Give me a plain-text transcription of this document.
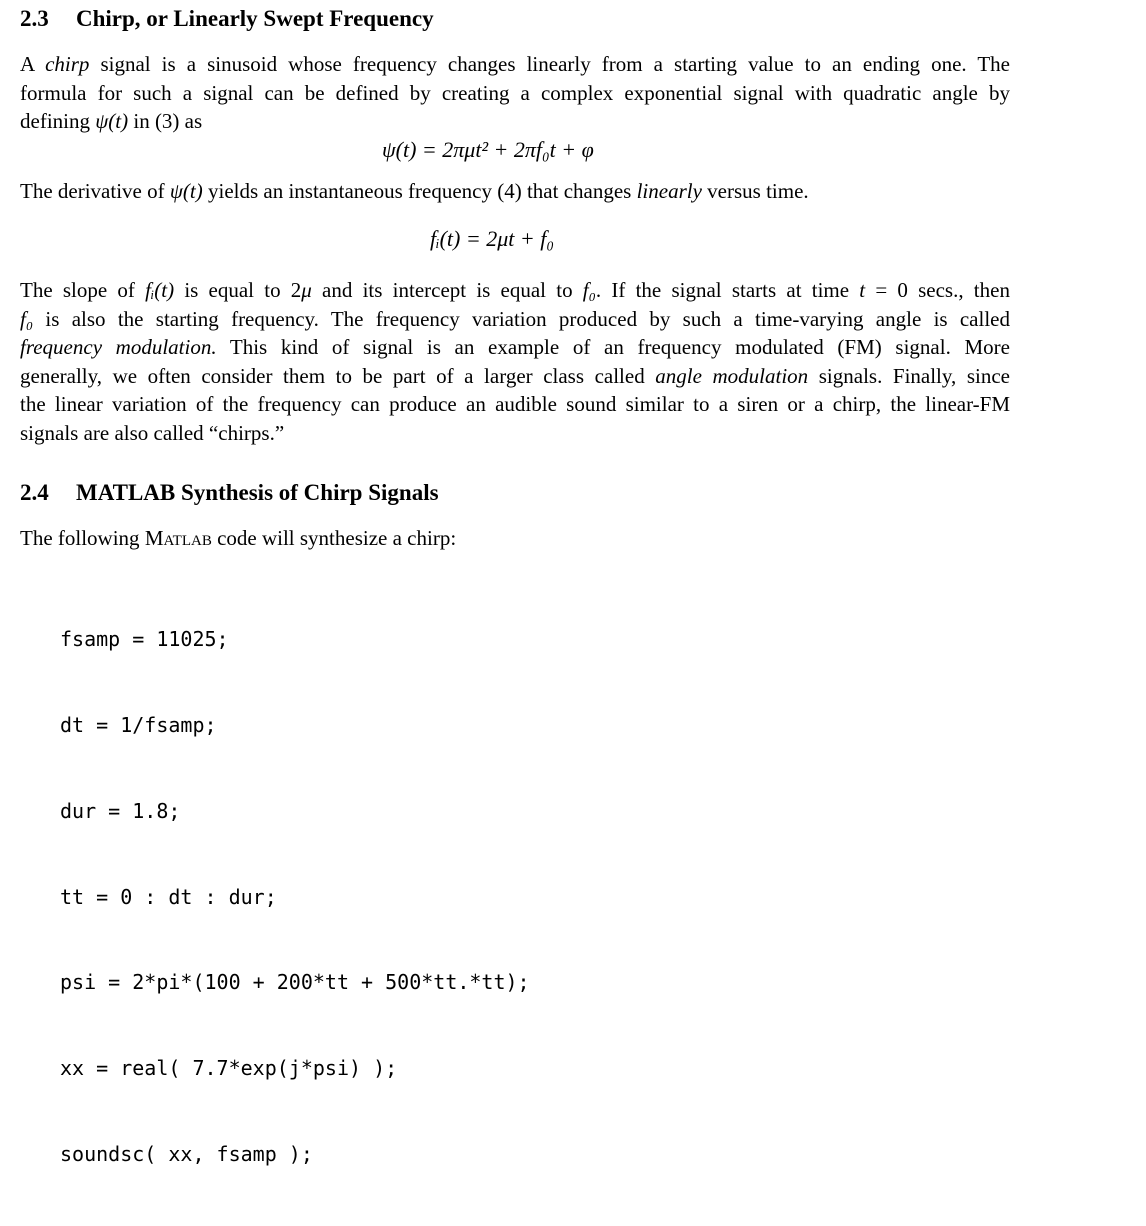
2.3 Chirp, or Linearly Swept Frequency
A chirp signal is a sinusoid whose frequency changes linearly from a starting value to an ending one. The
formula for such a signal can be defined by creating a complex exponential signal with quadratic angle by
defining ψ(t) in (3) as
ψ(t) = 2πμt² + 2πf₀t + φ
The derivative of ψ(t) yields an instantaneous frequency (4) that changes linearly versus time.
fᵢ(t) = 2μt + f₀
The slope of fᵢ(t) is equal to 2μ and its intercept is equal to f₀. If the signal starts at time t = 0 secs., then
f₀ is also the starting frequency. The frequency variation produced by such a time-varying angle is called
frequency modulation. This kind of signal is an example of an frequency modulated (FM) signal. More
generally, we often consider them to be part of a larger class called angle modulation signals. Finally, since
the linear variation of the frequency can produce an audible sound similar to a siren or a chirp, the linear-FM
signals are also called “chirps.”
2.4 MATLAB Synthesis of Chirp Signals
The following Matlab code will synthesize a chirp:

fsamp = 11025;

dt = 1/fsamp;

dur = 1.8;

tt = 0 : dt : dur;

psi = 2*pi*(100 + 200*tt + 500*tt.*tt);

xx = real( 7.7*exp(j*psi) );

soundsc( xx, fsamp );
